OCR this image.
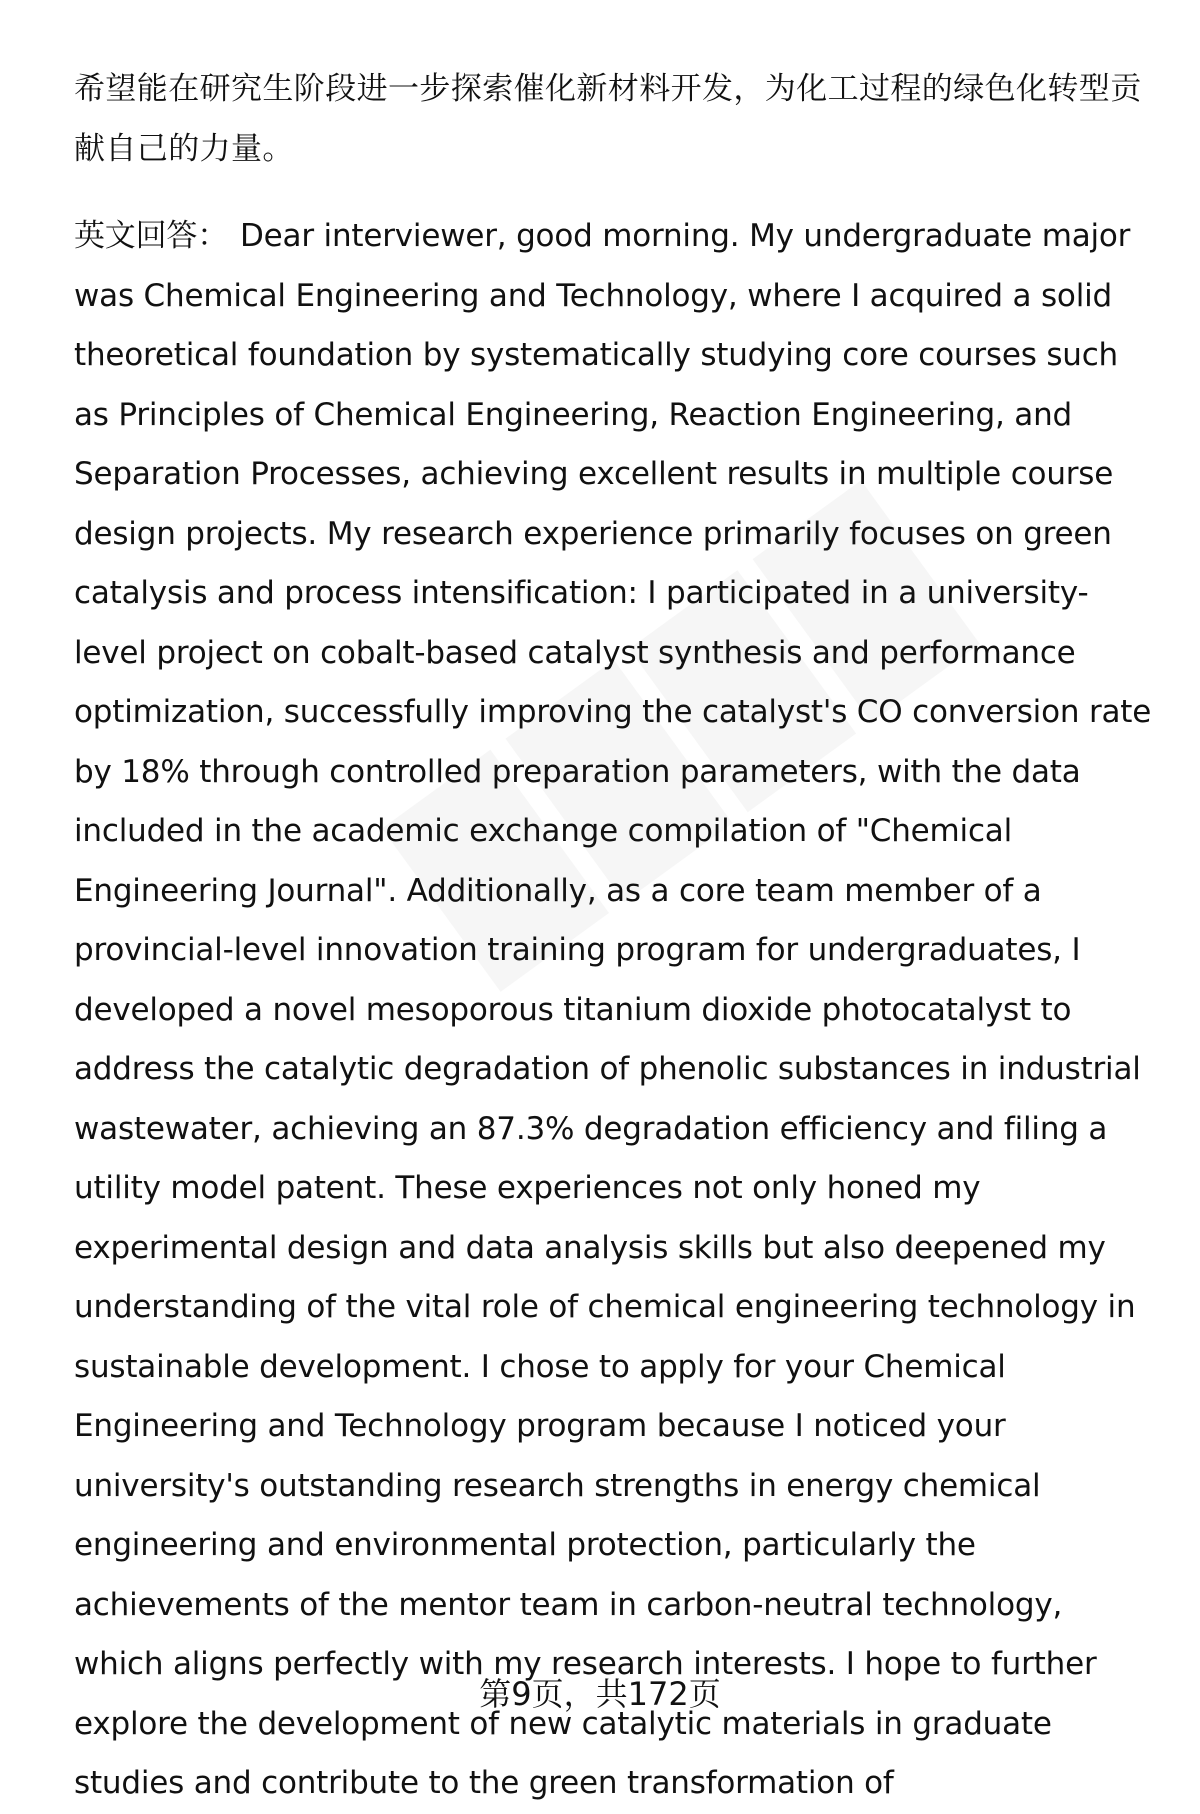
希望能在研究生阶段进一步探索催化新材料开发，为化工过程的绿色化转型贡献自己的力量。

英文回答： Dear interviewer, good morning. My undergraduate major was Chemical Engineering and Technology, where I acquired a solid theoretical foundation by systematically studying core courses such as Principles of Chemical Engineering, Reaction Engineering, and Separation Processes, achieving excellent results in multiple course design projects. My research experience primarily focuses on green catalysis and process intensification: I participated in a university-level project on cobalt-based catalyst synthesis and performance optimization, successfully improving the catalyst's CO conversion rate by 18% through controlled preparation parameters, with the data included in the academic exchange compilation of "Chemical Engineering Journal". Additionally, as a core team member of a provincial-level innovation training program for undergraduates, I developed a novel mesoporous titanium dioxide photocatalyst to address the catalytic degradation of phenolic substances in industrial wastewater, achieving an 87.3% degradation efficiency and filing a utility model patent. These experiences not only honed my experimental design and data analysis skills but also deepened my understanding of the vital role of chemical engineering technology in sustainable development. I chose to apply for your Chemical Engineering and Technology program because I noticed your university's outstanding research strengths in energy chemical engineering and environmental protection, particularly the achievements of the mentor team in carbon-neutral technology, which aligns perfectly with my research interests. I hope to further explore the development of new catalytic materials in graduate studies and contribute to the green transformation of

第9页，共172页
